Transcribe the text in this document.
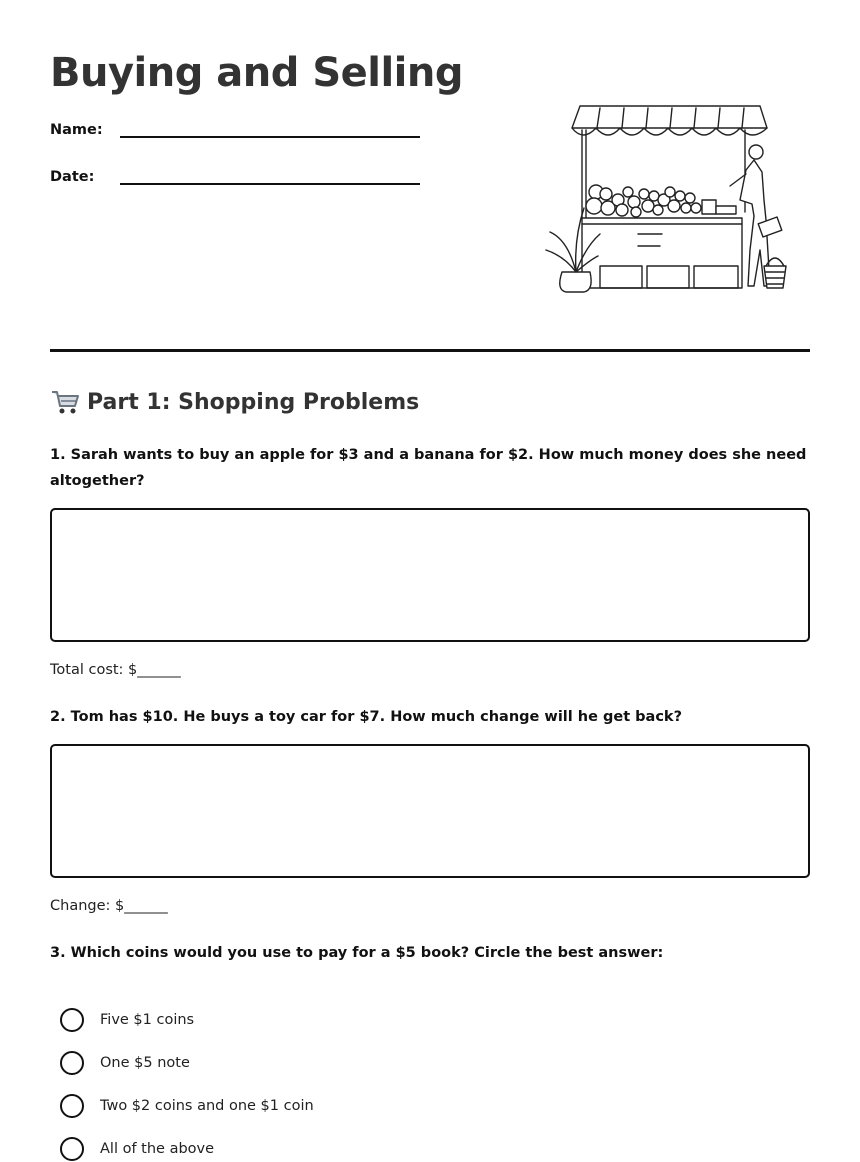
Buying and Selling
Name:
Date:
Part 1: Shopping Problems

1. Sarah wants to buy an apple for $3 and a banana for $2. How much money does she need altogether?

Total cost: $______

2. Tom has $10. He buys a toy car for $7. How much change will he get back?

Change: $______

3. Which coins would you use to pay for a $5 book? Circle the best answer:

Five $1 coins
One $5 note
Two $2 coins and one $1 coin
All of the above
